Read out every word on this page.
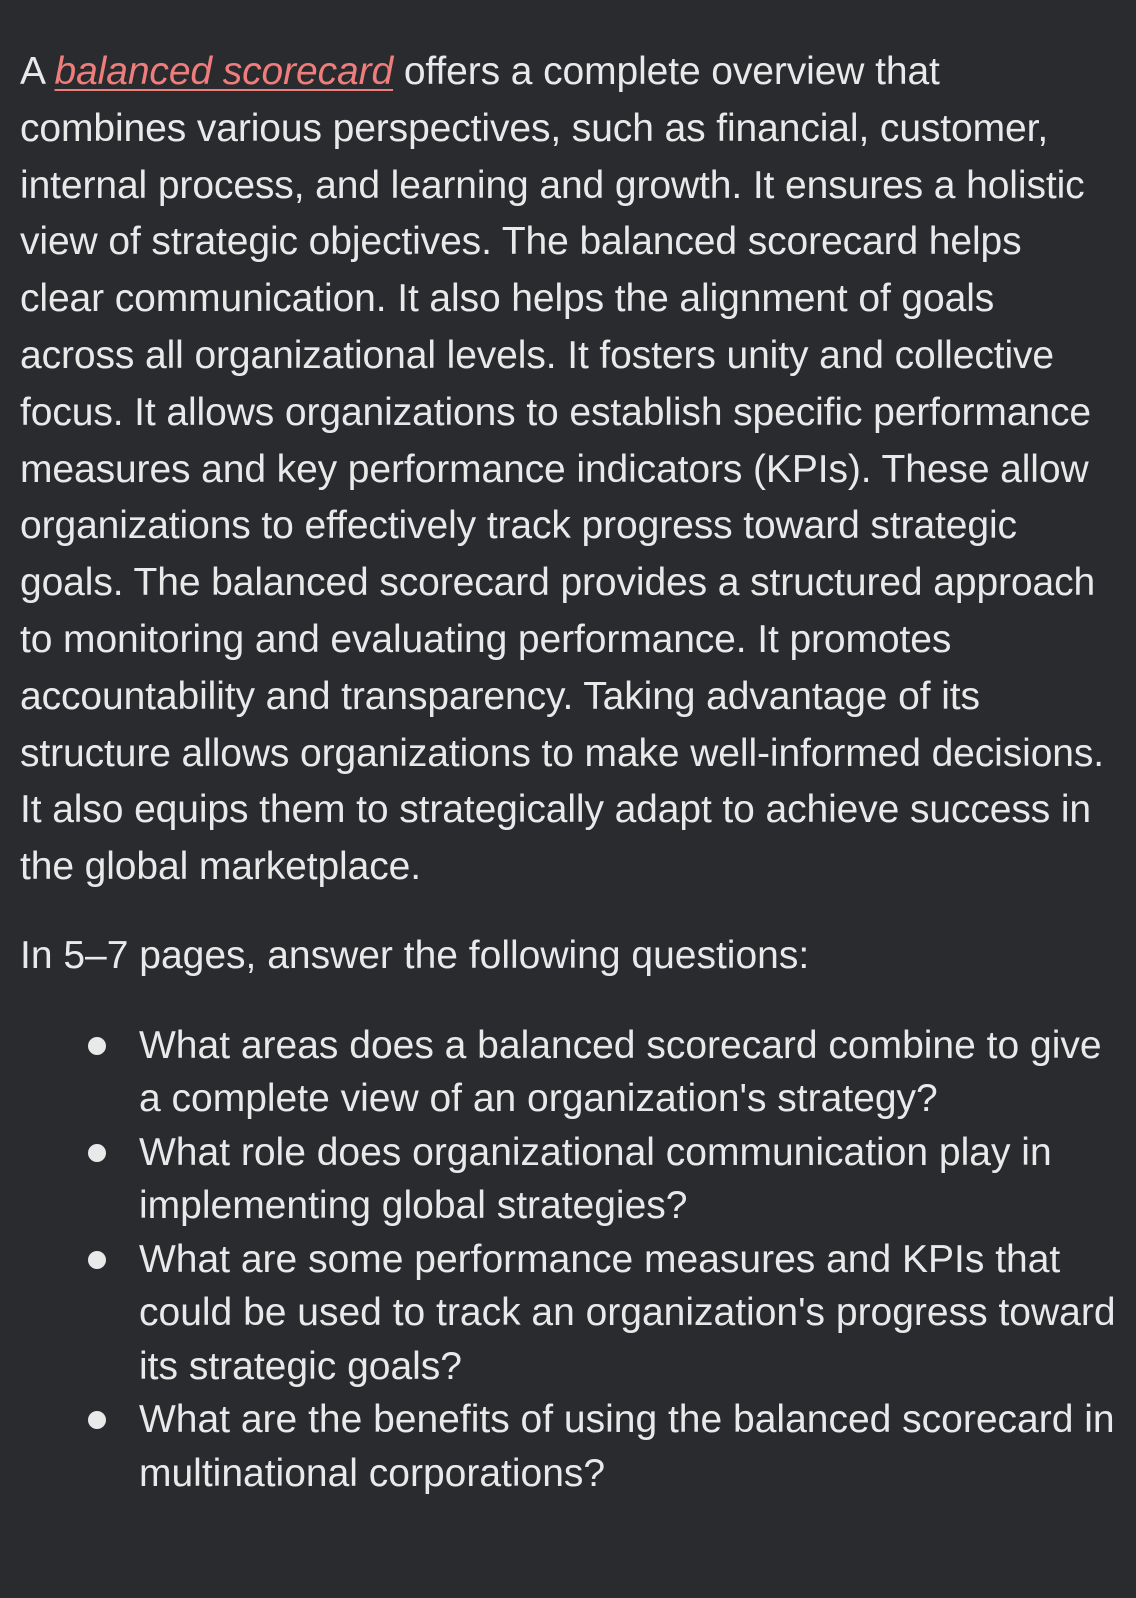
A balanced scorecard offers a complete overview that combines various perspectives, such as financial, customer, internal process, and learning and growth. It ensures a holistic view of strategic objectives. The balanced scorecard helps clear communication. It also helps the alignment of goals across all organizational levels. It fosters unity and collective focus. It allows organizations to establish specific performance measures and key performance indicators (KPIs). These allow organizations to effectively track progress toward strategic goals. The balanced scorecard provides a structured approach to monitoring and evaluating performance. It promotes accountability and transparency. Taking advantage of its structure allows organizations to make well-informed decisions. It also equips them to strategically adapt to achieve success in the global marketplace.

In 5–7 pages, answer the following questions:

What areas does a balanced scorecard combine to give a complete view of an organization's strategy?
What role does organizational communication play in implementing global strategies?
What are some performance measures and KPIs that could be used to track an organization's progress toward its strategic goals?
What are the benefits of using the balanced scorecard in multinational corporations?
